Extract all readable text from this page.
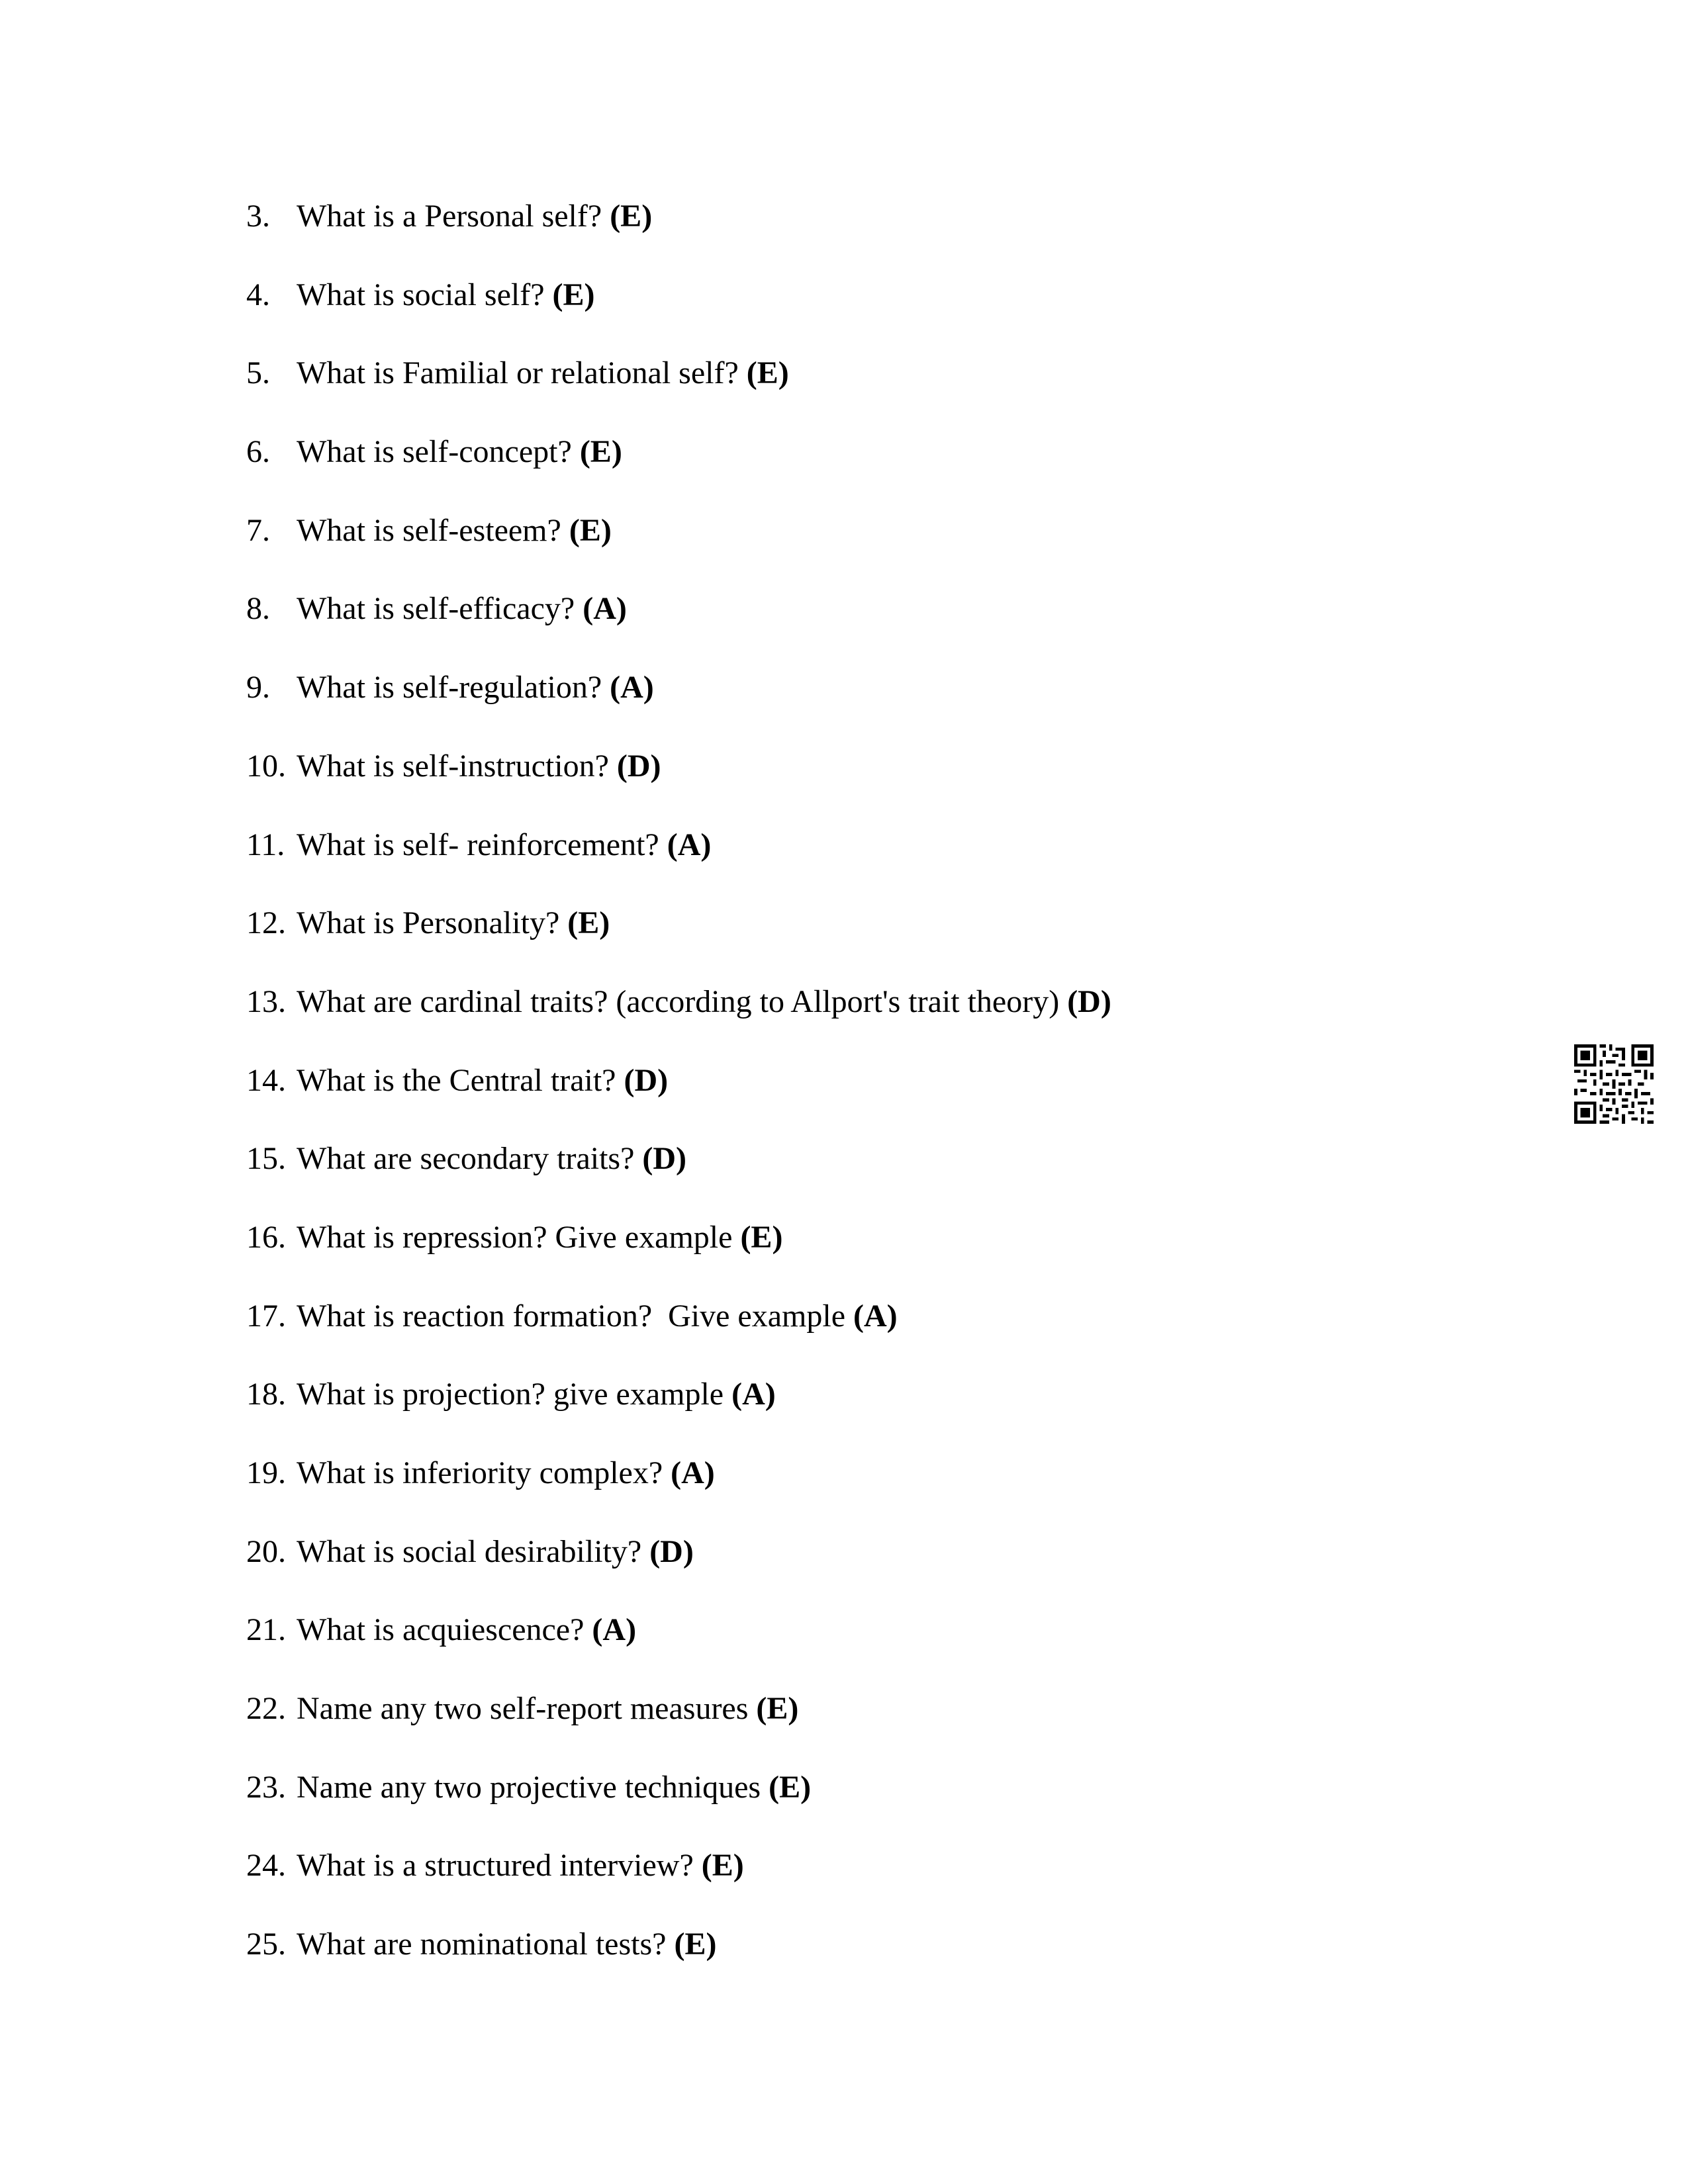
3. What is a Personal self? (E)
4. What is social self? (E)
5. What is Familial or relational self? (E)
6. What is self-concept? (E)
7. What is self-esteem? (E)
8. What is self-efficacy? (A)
9. What is self-regulation? (A)
10. What is self-instruction? (D)
11. What is self- reinforcement? (A)
12. What is Personality? (E)
13. What are cardinal traits? (according to Allport's trait theory) (D)
14. What is the Central trait? (D)
15. What are secondary traits? (D)
16. What is repression? Give example (E)
17. What is reaction formation?  Give example (A)
18. What is projection? give example (A)
19. What is inferiority complex? (A)
20. What is social desirability? (D)
21. What is acquiescence? (A)
22. Name any two self-report measures (E)
23. Name any two projective techniques (E)
24. What is a structured interview? (E)
25. What are nominational tests? (E)
